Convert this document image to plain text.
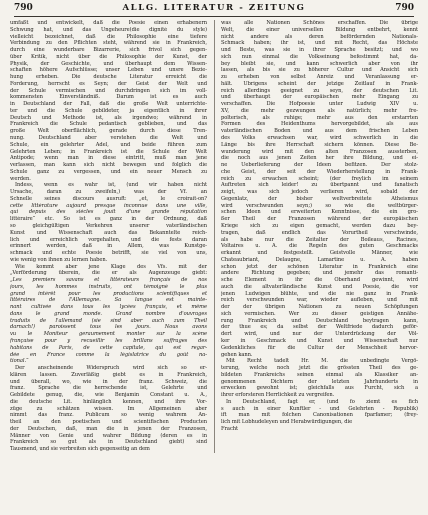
790	ALLG. LITERATUR - ZEITUNG	790
umfaßt und entwickelt, daß die Poesie einen erhabenern
Schwung hat, und das Ungeheure(die dignité du style)
vielleicht bezeichnet, daß die Philosophie eine tiefere
Verbindung zu den Pflichten steht, während sie in Frankreich,
durch eine wunderbare Bizarrerie, sich frivol sich gegen-
über Kritik, nicht über die Philosophie der Kunst, der
Physik, der Geschichte, und überhaupt dem Wissen-
schaften höhere Aufschlüsse; unser Leben und unsre Bezie-
hung erheben. Die deutsche Literatur erreicht die
Forderung, herrscht es Seyn; der Geist der Welt und
der Schule vermischen und durchdringen sich im voll-
kommensten Einverständniß. Darum ist es auch
in Deutschland der Fall, daß die große Welt unterrichte-
ter und die Schule gebildeter, ja eigentlich in ihrer
Deutsch und Methode ist, als irgendwo; während in
Frankreich die Schule pedantisch geblieben, und das
große Welt oberflächlich, gerade durch diese Tren-
nung. Deutschland aber verstehen die Welt und
Schule, ein gelehrter Adel, und beide führen zum
Gelehrten Leben; in Frankreich ist die Schule der Welt
Antipode; wenn man in diese eintritt, muß man jene
verlassen, man kann sich nicht bewegen und folglich die
Schule ganz zu vergessen, und ein neuer Mensch zu
werden.
Indess, wenn es wahr ist, (und wir haben nicht
Ursache, daran zu zweifeln,) was der Vf. an
Schnelle seines discours ausruft: „et, le croirait-on?
cette littérature aujourd presque inconnue dans une ville,
qui depuis des siècles jouit d'une grande réputation
littéraire“ etc. So ist es ganz in der Ordnung, daß
so gleichgültigen Verkehren unserer vaterländischen
Kunst und Wissenschaft auch das Bekanntelte reich-
lich und erreichlich vorgehalten, und die fests daran
erinnert werden, daß in Allem, was Kunstge-
schmack und echte Poesie betrifft, sie viel von uns,
wie wenig von ihnen zu lernen haben.
Wie kommt aber jene Klage des Vfs. mit der
„Verförderung überein, die er als Augenzeuge giebt:
„Les premiers savans et littérateurs français de nos
jours, les hommes instruits, ont témoigné le plus
grand intérêt pour les productions scientifiques et
littéraires de l'Allemagne. Sa langue est mainte-
nant cultivée dans tous les lycées français, et même
dans le grand monde. Grand nombre d'ouvrages
traduits de l'allemand (sie sind aber auch zum Theil
darnach!) paroissent tous les jours. Nous avons
vu le Moniteur geraumement monter sur la scène
française pour y recueillir les brillans suffrages des
habitans de Paris, de cette capitale, qui est regar-
dée en France comme la législatrice du goût na-
tional.“
Der anscheinende Widerspruch wird sich so er-
klären lassen. Zuverläßig giebt es in Frankreich,
und überall, wo, wie in der franz. Schweiz, die
franz. Sprache die herrschende ist, Gelehrte und
Gebildete genug, die, wie Benjamin Constant u. A.,
die deutsche Lit. hinlänglich kennen, und ihre Vor-
züge zu schätzen wissen. Im Allgemeinen aber
nimmt das franz. Publicum so wenig wahrem An-
theil an den poetischen und scientifischen Producten
der Deutschen, daß, man die in jenen der Franzosen,
Männer von Genie und wahrer Bildung (deren es in
Frankreich so gut als in Deutschland giebt) sind
Tausmend, und sie verbreiten sich gegenseitig an dem
was alle Nationen Schönes erschaffen. Die übrige
Welt, die einer universellen Bildung entbehrt, kennt
nicht andere als deren befördernden Nationals-
Schmack haben; ihr ist, und mit Recht, das Höchste
und Beste, was sie in ihrer Sprache besitzt; und wo
sich nun einmal die Volkseinung befestimmt hat, da-
bey bleibt sie, und kann schwerlich aber von ihr
lassen, als bis sie zu höherer Cultur und Ansicht sich
zu erheben von selbst Anreiz und Veranlassung er-
hält. Übrigens scheint der jetzige Zeitlauf in Frank-
reich allerdings geeignet zu seyn, der deutschen Lit.
und überhaupt der europäischen mehr Eingang zu
verschaffen. Die Hofpoesie unter Ludwig XIV u.
XV, die mehr gezwungen als natürlich; mehr fre-
polterisch, als ruhige; mehr aus den erstarrten
Formen des Heidenthums hervorgebildet, als aus
vaterländischen Boden und aus dem frischen Leben
des Volks erwachsen war, wird schwerlich in die
Länge bis ihre Herrschaft sichern können. Diese Be-
wunderung wird mit den alten Franzosen aussterben,
die noch aus jenen Zeiten her ihre Bildung, und ei-
ne Ueberlieferung der Ideen befitzen. Der stolz-
che Geist, der seit der Wiederherstellung in Frank-
reich zu erwachen scheint; (der freylich im seinem
Auftreten sich leider! zu übertpannt und fanatisch
zeigt, was sich jedoch verlieren wird, sobald der
Gegenlatz, der bisher weltverbreitete Atheismus
wird verschwunden seyn;) so wie die weltbürger-
schen Ideen und erweiterten Kenntnisse, die ein gro-
ßer Theil der Franzosen während der europäischen
Kriege sich zu eigen gemacht, werden dazu bey-
tragen, daß endlich das Vorurtheil verschwinde,
als habe nur die Zeitalter der Boileaus, Racines,
Voltaires u. A. die Regeln des guten Geschmacks
erkannt und festgestellt. Geistvolle Männer, wie
Chateaubriant, Delaugne, Lamartine u. A. haben
schon jetzt der schönen Literatur in Frankreich eine
andere Richtung gegeben; und jemehr das romanti-
sche Element in ihr die Oberhand gewinnt, wird
auch die altvaterländische Kunst und Poesie, die vor
jenen Ludwigen blühte, und die nie ganz in Frank-
reich verschwunden war, wieder aufleben, und mit
der der übrigen Nationen zu neuen Schöpfungen
sich vermischen. Wer zu dieser geistigen Annähe-
rung Frankreich und Deutschland beytragen kann,
der thue es; da selbst der Weltfriede dadurch geför-
dert wird, und nur der Unterdrückung der Völ-
ker in Geschmack und Kunst und Wissenschaft nur
Gedenkliches für die Cultur der Menschheit hervor-
gehen kann.
Mit Recht tadelt Hr. M. die unbedingte Vergö-
terung, welche noch jetzt die grössten Theil des ge-
bildeten Frankreichs seinen einmal als Klassiker an-
genommenen Dichtern der letzten Jahrhunderts in
erwecken gewohnt ist; gleichfalls aus Furcht, sich a
ihrer erforsteren Herrlichkeit zu vergreifen.
In Deutschland, fagt er, (und fo ziemt es fich
s auch in einer Kunftler - und Gelehrten - Republik)
ift man mit folchen Canonisationen fparfamer; (frey-
lich mit Lobhudeleyen und Herabwürdigungen, die
Fracht
